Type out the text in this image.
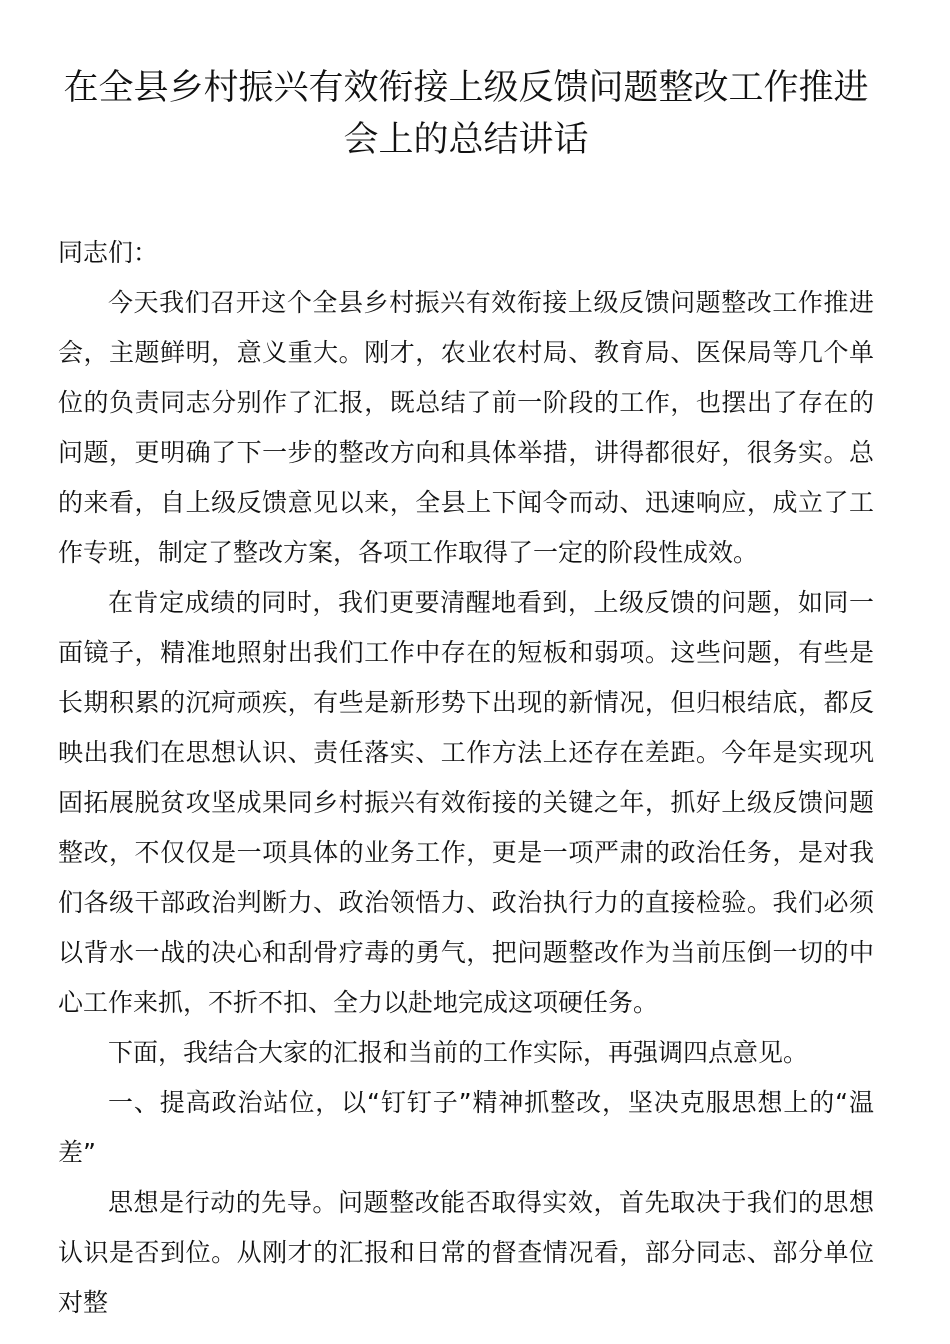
在全县乡村振兴有效衔接上级反馈问题整改工作推进会上的总结讲话

同志们：

今天我们召开这个全县乡村振兴有效衔接上级反馈问题整改工作推进会，主题鲜明，意义重大。刚才，农业农村局、教育局、医保局等几个单位的负责同志分别作了汇报，既总结了前一阶段的工作，也摆出了存在的问题，更明确了下一步的整改方向和具体举措，讲得都很好，很务实。总的来看，自上级反馈意见以来，全县上下闻令而动、迅速响应，成立了工作专班，制定了整改方案，各项工作取得了一定的阶段性成效。

在肯定成绩的同时，我们更要清醒地看到，上级反馈的问题，如同一面镜子，精准地照射出我们工作中存在的短板和弱项。这些问题，有些是长期积累的沉疴顽疾，有些是新形势下出现的新情况，但归根结底，都反映出我们在思想认识、责任落实、工作方法上还存在差距。今年是实现巩固拓展脱贫攻坚成果同乡村振兴有效衔接的关键之年，抓好上级反馈问题整改，不仅仅是一项具体的业务工作，更是一项严肃的政治任务，是对我们各级干部政治判断力、政治领悟力、政治执行力的直接检验。我们必须以背水一战的决心和刮骨疗毒的勇气，把问题整改作为当前压倒一切的中心工作来抓，不折不扣、全力以赴地完成这项硬任务。

下面，我结合大家的汇报和当前的工作实际，再强调四点意见。

一、提高政治站位，以“钉钉子”精神抓整改，坚决克服思想上的“温差”

思想是行动的先导。问题整改能否取得实效，首先取决于我们的思想认识是否到位。从刚才的汇报和日常的督查情况看，部分同志、部分单位对整
